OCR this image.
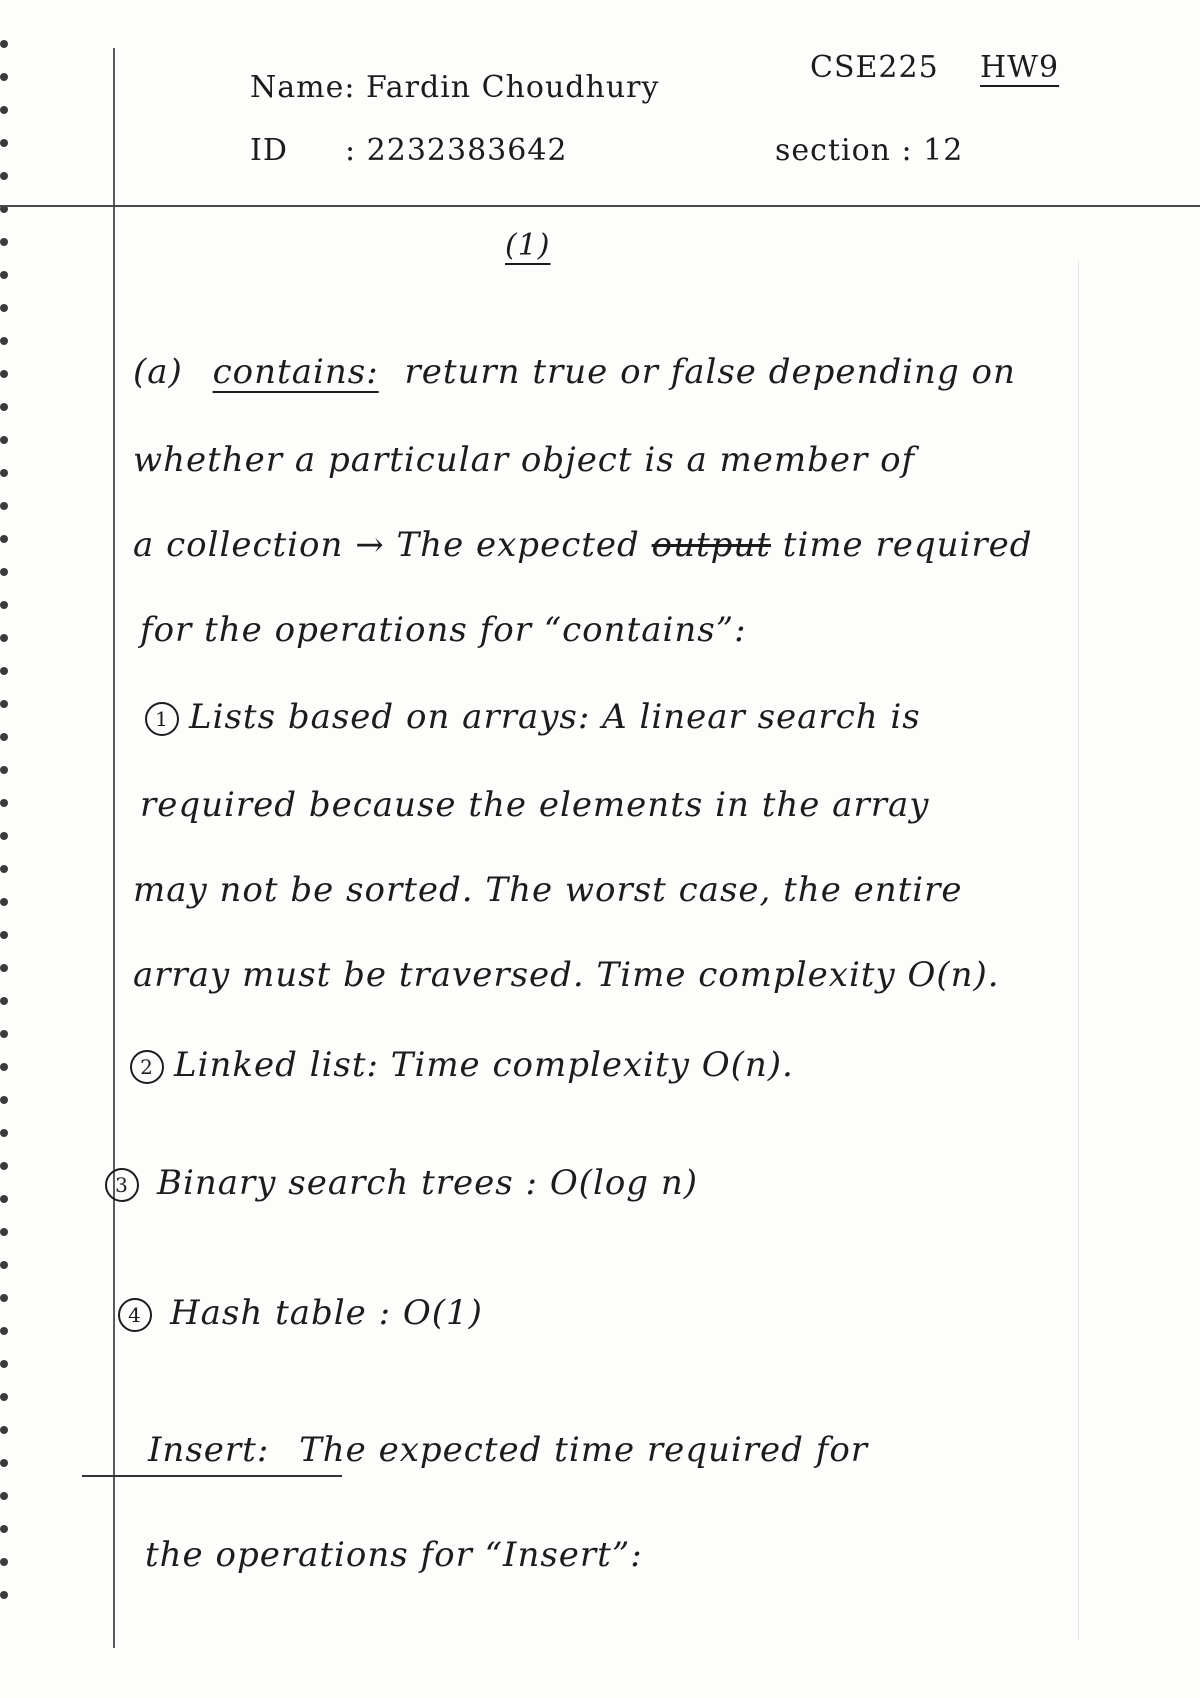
Name: Fardin Choudhury
CSE225 HW9
ID : 2232383642	section : 12
(1)
(a) contains: return true or false depending on
whether a particular object is a member of
a collection → The expected output time required
for the operations for “contains”:
1 Lists based on arrays: A linear search is
required because the elements in the array
may not be sorted. The worst case, the entire
array must be traversed. Time complexity O(n).
2 Linked list: Time complexity O(n).
3 Binary search trees : O(log n)
4 Hash table : O(1)
Insert: The expected time required for
the operations for “Insert”:
